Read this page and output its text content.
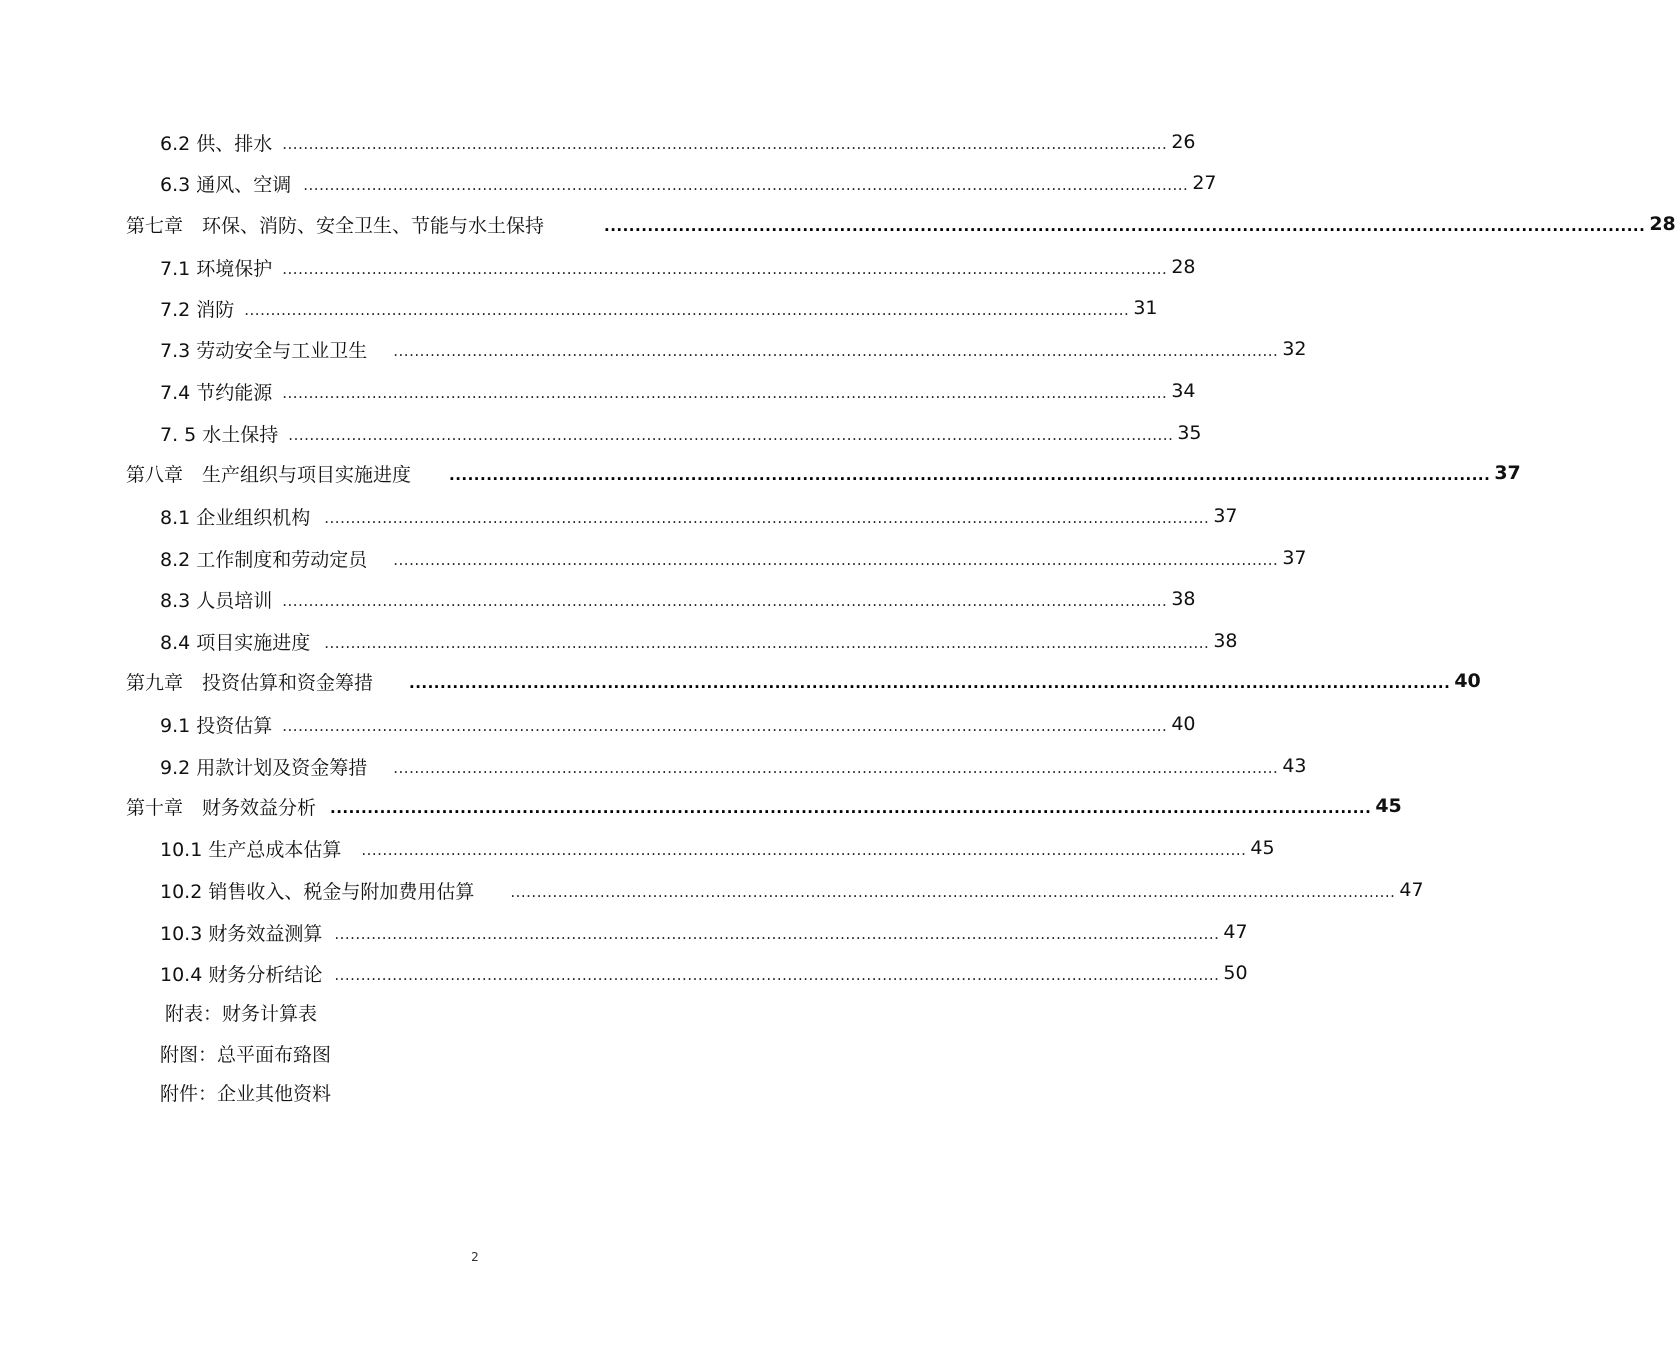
6.2 供、排水 ........................................................................................................................................................................ 26
6.3 通风、空调 ........................................................................................................................................................................ 27
第七章　环保、消防、安全卫生、节能与水土保持	........................................................................................................................................................................ 28
7.1 环境保护 ........................................................................................................................................................................ 28
7.2 消防 ........................................................................................................................................................................ 31
7.3 劳动安全与工业卫生 ........................................................................................................................................................................ 32
7.4 节约能源 ........................................................................................................................................................................ 34
7. 5 水土保持 ........................................................................................................................................................................ 35
第八章　生产组织与项目实施进度	........................................................................................................................................................................ 37
8.1 企业组织机构 ........................................................................................................................................................................ 37
8.2 工作制度和劳动定员 ........................................................................................................................................................................ 37
8.3 人员培训 ........................................................................................................................................................................ 38
8.4 项目实施进度 ........................................................................................................................................................................ 38
第九章　投资估算和资金筹措 ........................................................................................................................................................................ 40
9.1 投资估算 ........................................................................................................................................................................ 40
9.2 用款计划及资金筹措 ........................................................................................................................................................................ 43
第十章　财务效益分析 ........................................................................................................................................................................ 45
10.1 生产总成本估算 ........................................................................................................................................................................ 45
10.2 销售收入、税金与附加费用估算 ........................................................................................................................................................................ 47
10.3 财务效益测算 ........................................................................................................................................................................ 47
10.4 财务分析结论 ........................................................................................................................................................................ 50
附表：财务计算表
附图：总平面布臵图
附件：企业其他资料
2
